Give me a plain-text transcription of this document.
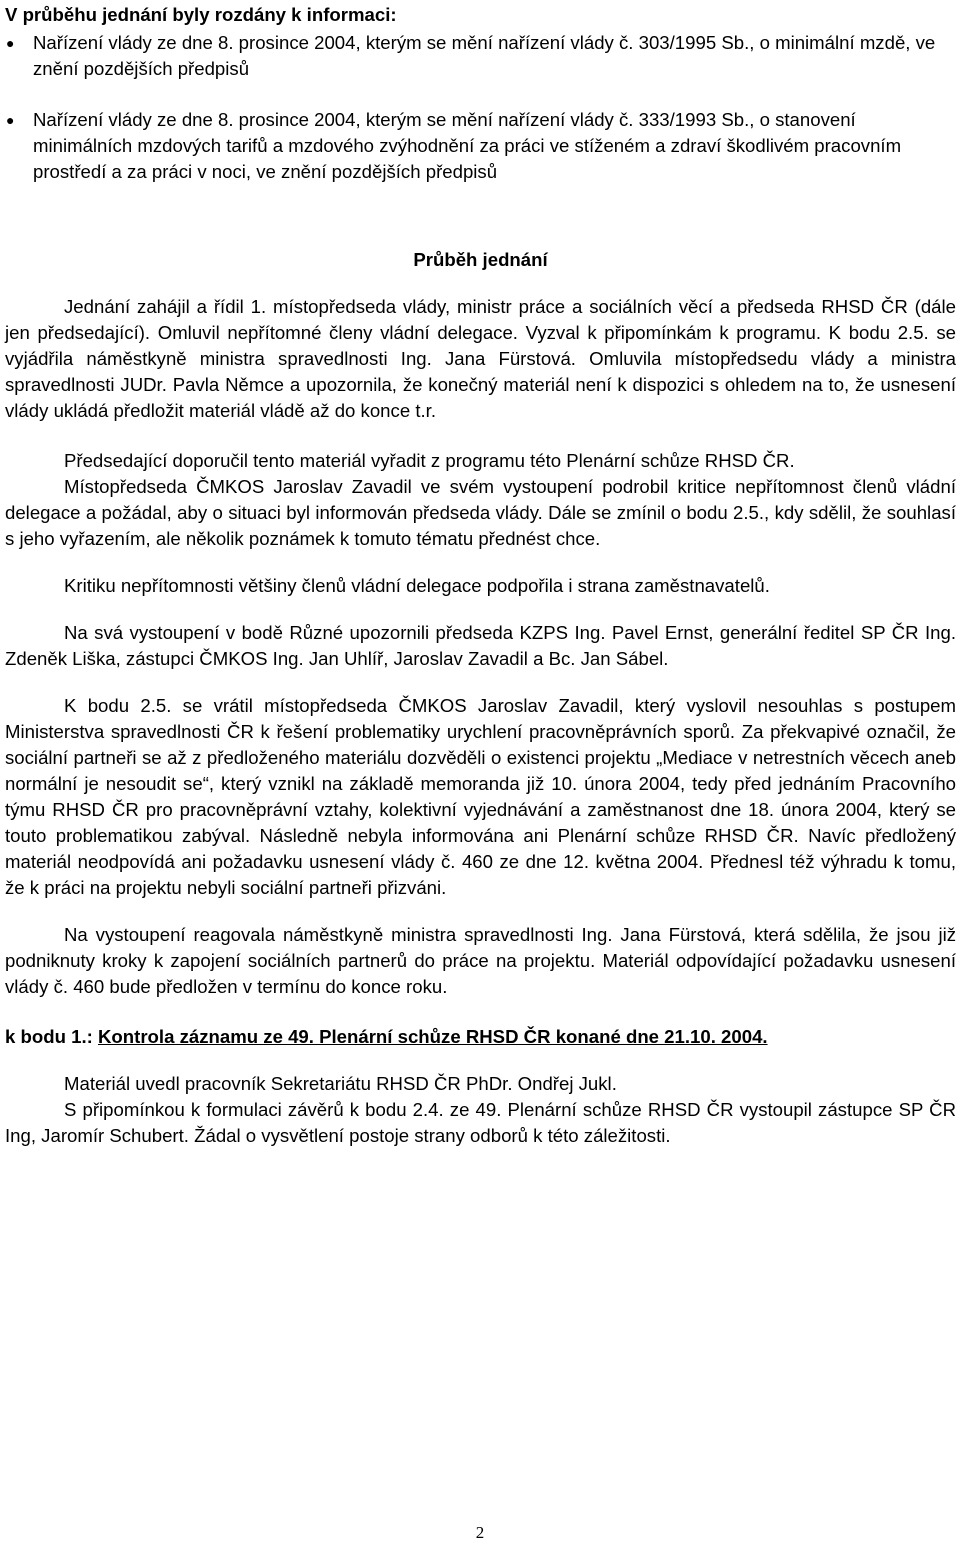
V průběhu jednání byly rozdány k informaci:

● Nařízení vlády ze dne 8. prosince 2004, kterým se mění nařízení vlády č. 303/1995 Sb., o minimální mzdě, ve znění pozdějších předpisů
● Nařízení vlády ze dne 8. prosince 2004, kterým se mění nařízení vlády č. 333/1993 Sb., o stanovení minimálních mzdových tarifů a mzdového zvýhodnění za práci ve stíženém a zdraví škodlivém pracovním prostředí a za práci v noci, ve znění pozdějších předpisů

Průběh jednání

Jednání zahájil a řídil 1. místopředseda vlády, ministr práce a sociálních věcí a předseda RHSD ČR (dále jen předsedající). Omluvil nepřítomné členy vládní delegace. Vyzval k připomínkám k programu. K bodu 2.5. se vyjádřila náměstkyně ministra spravedlnosti Ing. Jana Fürstová. Omluvila místopředsedu vlády a ministra spravedlnosti JUDr. Pavla Němce a upozornila, že konečný materiál není k dispozici s ohledem na to, že usnesení vlády ukládá předložit materiál vládě až do konce t.r.

Předsedající doporučil tento materiál vyřadit z programu této Plenární schůze RHSD ČR.

Místopředseda ČMKOS Jaroslav Zavadil ve svém vystoupení podrobil kritice nepřítomnost členů vládní delegace a požádal, aby o situaci byl informován předseda vlády. Dále se zmínil o bodu 2.5., kdy sdělil, že souhlasí s jeho vyřazením, ale několik poznámek k tomuto tématu přednést chce.

Kritiku nepřítomnosti většiny členů vládní delegace podpořila i strana zaměstnavatelů.

Na svá vystoupení v bodě Různé upozornili předseda KZPS Ing. Pavel Ernst, generální ředitel SP ČR Ing. Zdeněk Liška, zástupci ČMKOS Ing. Jan Uhlíř, Jaroslav Zavadil a Bc. Jan Sábel.

K bodu 2.5. se vrátil místopředseda ČMKOS Jaroslav Zavadil, který vyslovil nesouhlas s postupem Ministerstva spravedlnosti ČR k řešení problematiky urychlení pracovněprávních sporů. Za překvapivé označil, že sociální partneři se až z předloženého materiálu dozvěděli o existenci projektu „Mediace v netrestních věcech aneb normální je nesoudit se“, který vznikl na základě memoranda již 10. února 2004, tedy před jednáním Pracovního týmu RHSD ČR pro pracovněprávní vztahy, kolektivní vyjednávání a zaměstnanost dne 18. února 2004, který se touto problematikou zabýval. Následně nebyla informována ani Plenární schůze RHSD ČR. Navíc předložený materiál neodpovídá ani požadavku usnesení vlády č. 460 ze dne 12. května 2004. Přednesl též výhradu k tomu, že k práci na projektu nebyli sociální partneři přizváni.

Na vystoupení reagovala náměstkyně ministra spravedlnosti Ing. Jana Fürstová, která sdělila, že jsou již podniknuty kroky k zapojení sociálních partnerů do práce na projektu. Materiál odpovídající požadavku usnesení vlády č. 460 bude předložen v termínu do konce roku.

k bodu 1.: Kontrola záznamu ze 49. Plenární schůze RHSD ČR konané dne 21.10. 2004.

Materiál uvedl pracovník Sekretariátu RHSD ČR PhDr. Ondřej Jukl.

S připomínkou k formulaci závěrů k bodu 2.4. ze 49. Plenární schůze RHSD ČR vystoupil zástupce SP ČR Ing, Jaromír Schubert. Žádal o vysvětlení postoje strany odborů k této záležitosti.

2
